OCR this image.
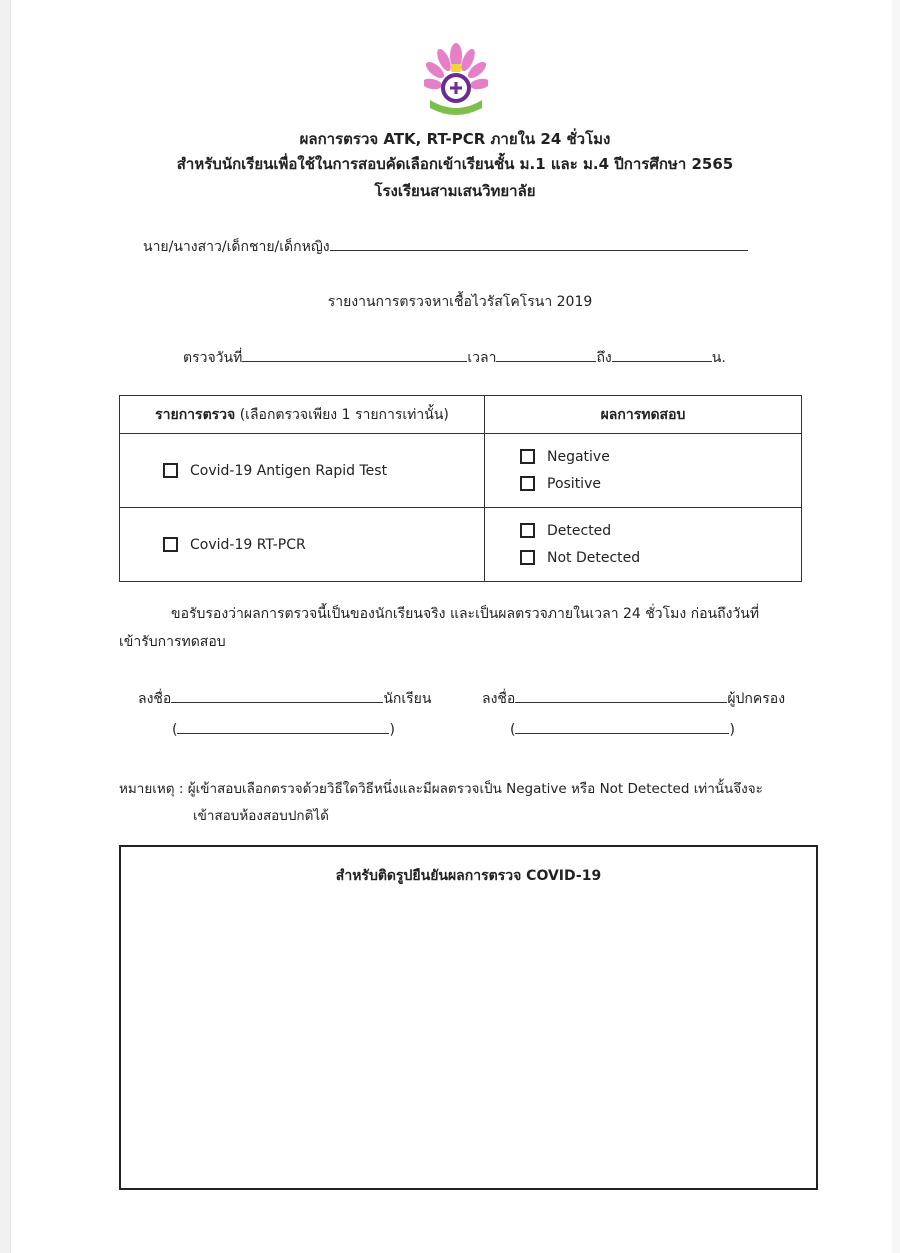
ผลการตรวจ ATK, RT-PCR ภายใน 24 ชั่วโมง
สำหรับนักเรียนเพื่อใช้ในการสอบคัดเลือกเข้าเรียนชั้น ม.1 และ ม.4 ปีการศึกษา 2565
โรงเรียนสามเสนวิทยาลัย
นาย/นางสาว/เด็กชาย/เด็กหญิง
รายงานการตรวจหาเชื้อไวรัสโคโรนา 2019
ตรวจวันที่	เวลา	ถึง	น.
รายการตรวจ (เลือกตรวจเพียง 1 รายการเท่านั้น)	ผลการทดสอบ

Covid-19 Antigen Rapid Test	Negative
Positive

Covid-19 RT-PCR	Detected
Not Detected
ขอรับรองว่าผลการตรวจนี้เป็นของนักเรียนจริง และเป็นผลตรวจภายในเวลา 24 ชั่วโมง ก่อนถึงวันที่
เข้ารับการทดสอบ
ลงชื่อ	นักเรียน	ลงชื่อ	ผู้ปกครอง
(	)	(	)
หมายเหตุ : ผู้เข้าสอบเลือกตรวจด้วยวิธีใดวิธีหนึ่งและมีผลตรวจเป็น Negative หรือ Not Detected เท่านั้นจึงจะ
เข้าสอบห้องสอบปกติได้
สำหรับติดรูปยืนยันผลการตรวจ COVID-19
